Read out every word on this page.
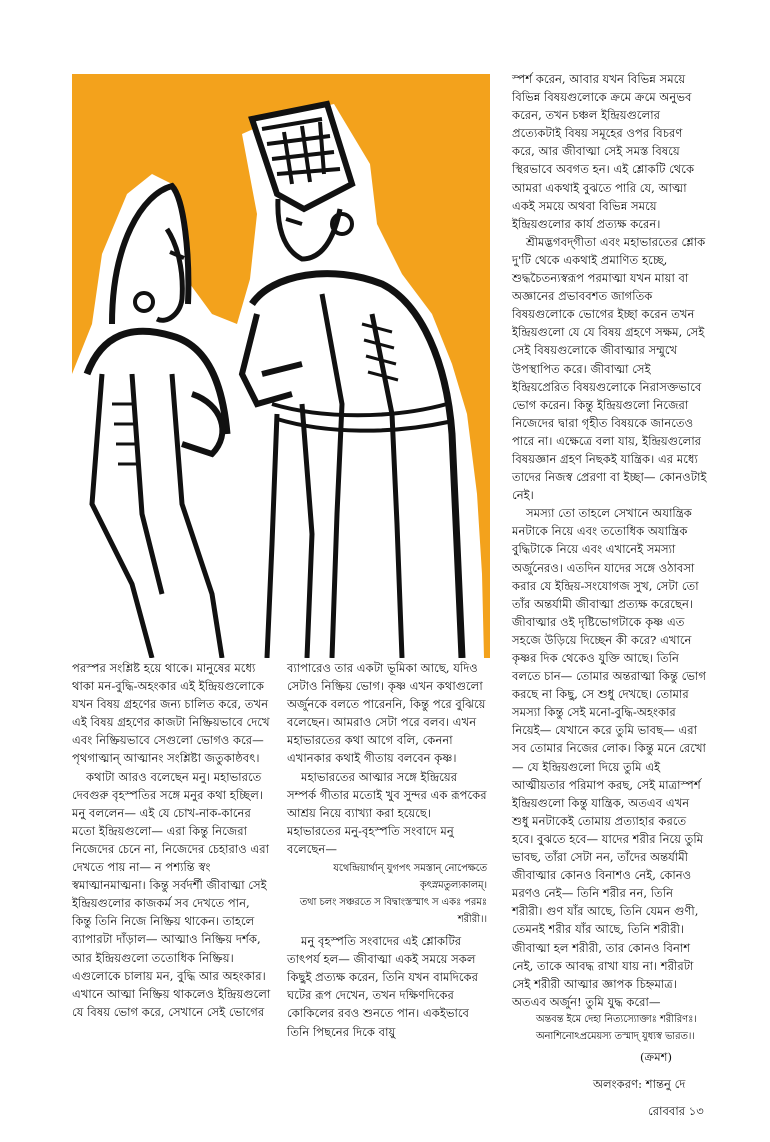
স্পর্শ করেন, আবার যখন বিভিন্ন সময়ে বিভিন্ন বিষয়গুলোকে ক্রমে ক্রমে অনুভব করেন, তখন চঞ্চল ইন্দ্রিয়গুলোর প্রত্যেকটাই বিষয় সমূহের ওপর বিচরণ করে, আর জীবাত্মা সেই সমস্ত বিষয়ে স্থিরভাবে অবগত হন। এই শ্লোকটি থেকে আমরা একথাই বুঝতে পারি যে, আত্মা একই সময়ে অথবা বিভিন্ন সময়ে ইন্দ্রিয়গুলোর কার্য প্রত্যক্ষ করেন।

শ্রীমদ্ভগবদ্‌গীতা এবং মহাভারতের শ্লোক দু'টি থেকে একথাই প্রমাণিত হচ্ছে, শুদ্ধচৈতন্যস্বরূপ পরমাত্মা যখন মায়া বা অজ্ঞানের প্রভাববশত জাগতিক বিষয়গুলোকে ভোগের ইচ্ছা করেন তখন ইন্দ্রিয়গুলো যে যে বিষয় গ্রহণে সক্ষম, সেই সেই বিষয়গুলোকে জীবাত্মার সম্মুখে উপস্থাপিত করে। জীবাত্মা সেই ইন্দ্রিয়প্রেরিত বিষয়গুলোকে নিরাসক্তভাবে ভোগ করেন। কিন্তু ইন্দ্রিয়গুলো নিজেরা নিজেদের দ্বারা গৃহীত বিষয়কে জানতেও পারে না। এক্ষেত্রে বলা যায়, ইন্দ্রিয়গুলোর বিষয়জ্ঞান গ্রহণ নিছকই যান্ত্রিক। এর মধ্যে তাদের নিজস্ব প্রেরণা বা ইচ্ছা— কোনওটাই নেই।

সমস্যা তো তাহলে সেখানে অযান্ত্রিক মনটাকে নিয়ে এবং ততোধিক অযান্ত্রিক বুদ্ধিটাকে নিয়ে এবং এখানেই সমস্যা অর্জুনেরও। এতদিন যাদের সঙ্গে ওঠাবসা করার যে ইন্দ্রিয়-সংযোগজ সুখ, সেটা তো তাঁর অন্তর্যামী জীবাত্মা প্রত্যক্ষ করেছেন। জীবাত্মার ওই দৃষ্টিভোগটাকে কৃষ্ণ এত সহজে উড়িয়ে দিচ্ছেন কী করে? এখানে কৃষ্ণর দিক থেকেও যুক্তি আছে। তিনি বলতে চান— তোমার অন্তরাত্মা কিন্তু ভোগ করছে না কিছু, সে শুধু দেখছে। তোমার সমস্যা কিন্তু সেই মনো-বুদ্ধি-অহংকার নিয়েই— যেখানে করে তুমি ভাবছ— এরা সব তোমার নিজের লোক। কিন্তু মনে রেখো— যে ইন্দ্রিয়গুলো দিয়ে তুমি এই আত্মীয়তার পরিমাপ করছ, সেই মাত্রাস্পর্শ ইন্দ্রিয়গুলো কিন্তু যান্ত্রিক, অতএব এখন শুধু মনটাকেই তোমায় প্রত্যাহার করতে হবে। বুঝতে হবে— যাদের শরীর নিয়ে তুমি ভাবছ, তাঁরা সেটা নন, তাঁদের অন্তর্যামী জীবাত্মার কোনও বিনাশও নেই, কোনও মরণও নেই— তিনি শরীর নন, তিনি শরীরী। গুণ যাঁর আছে, তিনি যেমন গুণী, তেমনই শরীর যাঁর আছে, তিনি শরীরী। জীবাত্মা হল শরীরী, তার কোনও বিনাশ নেই, তাকে আবদ্ধ রাখা যায় না। শরীরটা সেই শরীরী আত্মার জ্ঞাপক চিহ্নমাত্র। অতএব অর্জুন! তুমি যুদ্ধ করো—

অন্তবন্ত ইমে দেহা নিত্যস্যোক্তাঃ শরীরিণঃ।

অনাশিনোঽপ্রমেয়স্য তস্মাদ্‌ যুধ্যস্ব ভারত।।

পরস্পর সংশ্লিষ্ট হয়ে থাকে। মানুষের মধ্যে থাকা মন-বুদ্ধি-অহংকার এই ইন্দ্রিয়গুলোকে যখন বিষয় গ্রহণের জন্য চালিত করে, তখন এই বিষয় গ্রহণের কাজটা নিষ্ক্রিয়ভাবে দেখে এবং নিষ্ক্রিয়ভাবে সেগুলো ভোগও করে— পৃথগাত্মান্ আত্মানং সংশ্লিষ্টা জতুকাষ্ঠবৎ।

কথাটা আরও বলেছেন মনু। মহাভারতে দেবগুরু বৃহস্পতির সঙ্গে মনুর কথা হচ্ছিল। মনু বললেন— এই যে চোখ-নাক-কানের মতো ইন্দ্রিয়গুলো— এরা কিন্তু নিজেরা নিজেদের চেনে না, নিজেদের চেহারাও এরা দেখতে পায় না— ন পশ্যন্তি স্বং স্বমাত্মানমাত্মনা। কিন্তু সর্বদর্শী জীবাত্মা সেই ইন্দ্রিয়গুলোর কাজকর্ম সব দেখতে পান, কিন্তু তিনি নিজে নিষ্ক্রিয় থাকেন। তাহলে ব্যাপারটা দাঁড়াল— আত্মাও নিষ্ক্রিয় দর্শক, আর ইন্দ্রিয়গুলো ততোধিক নিষ্ক্রিয়। এগুলোকে চালায় মন, বুদ্ধি আর অহংকার। এখানে আত্মা নিষ্ক্রিয় থাকলেও ইন্দ্রিয়গুলো যে বিষয় ভোগ করে, সেখানে সেই ভোগের

ব্যাপারেও তার একটা ভূমিকা আছে, যদিও সেটাও নিষ্ক্রিয় ভোগ। কৃষ্ণ এখন কথাগুলো অর্জুনকে বলতে পারেননি, কিন্তু পরে বুঝিয়ে বলেছেন। আমরাও সেটা পরে বলব। এখন মহাভারতের কথা আগে বলি, কেননা এখানকার কথাই গীতায় বলবেন কৃষ্ণ।

মহাভারতের আত্মার সঙ্গে ইন্দ্রিয়ের সম্পর্ক গীতার মতোই খুব সুন্দর এক রূপকের আশ্রয় নিয়ে ব্যাখ্যা করা হয়েছে। মহাভারতের মনু-বৃহস্পতি সংবাদে মনু বলেছেন—

যথেন্দ্রিয়ার্থান্ যুগপৎ সমস্তান্ নোপেক্ষতে
কৃৎস্নমতুল্যকালম্।
তথা চলং সঞ্চরতে স বিদ্বাংস্তস্মাৎ স একঃ পরমঃ
শরীরী।।

মনু বৃহস্পতি সংবাদের এই শ্লোকটির তাৎপর্য হল— জীবাত্মা একই সময়ে সকল কিছুই প্রত্যক্ষ করেন, তিনি যখন বামদিকের ঘটের রূপ দেখেন, তখন দক্ষিণদিকের কোকিলের রবও শুনতে পান। একইভাবে তিনি পিছনের দিকে বায়ু

(ক্রমশ)
অলংকরণ: শান্তনু দে
রোববার ১৩
